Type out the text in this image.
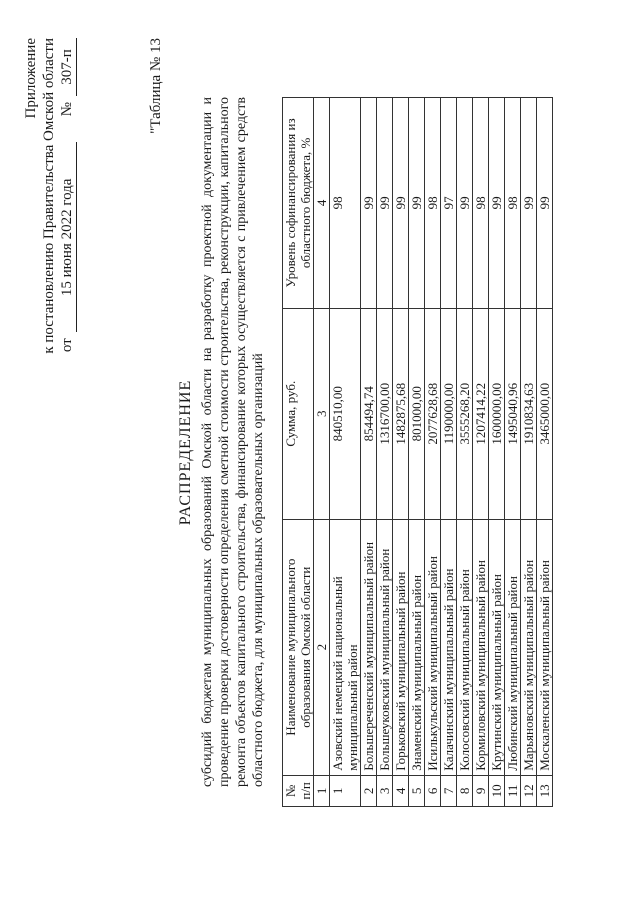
Приложение к постановлению Правительства Омской области от
15 июня 2022 года
№
307-п	"Таблица № 13
РАСПРЕДЕЛЕНИЕ субсидий бюджетам муниципальных образований Омской области на разработку проектной документации и проведение проверки достоверности определения сметной стоимости строительства, реконструкции, капитального ремонта объектов капитального строительства, финансирование которых осуществляется с привлечением средств областного бюджета, для муниципальных образовательных организаций

№ п/п	Наименование муниципального образования Омской области	Сумма, руб.	Уровень софинансирования из областного бюджета, %
1	2	3	4
1	Азовский немецкий национальный муниципальный район	840510,00	98
2	Большереченский муниципальный район	854494,74	99
3	Большеуковский муниципальный район	1316700,00	99
4	Горьковский муниципальный район	1482875,68	99
5	Знаменский муниципальный район	801000,00	99
6	Исилькульский муниципальный район	2077628,68	98
7	Калачинский муниципальный район	1190000,00	97
8	Колосовский муниципальный район	3555268,20	99
9	Кормиловский муниципальный район	1207414,22	98
10	Крутинский муниципальный район	1600000,00	99
11	Любинский муниципальный район	1495040,96	98
12	Марьяновский муниципальный район	1910834,63	99
13	Москаленский муниципальный район	3465000,00	99
